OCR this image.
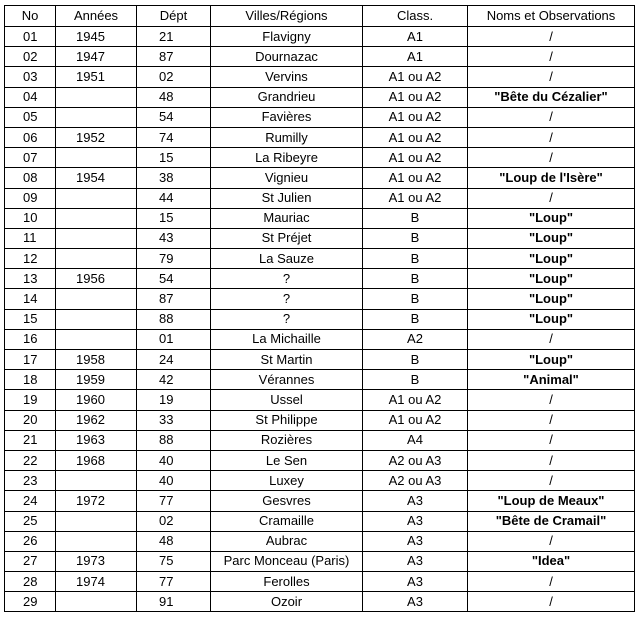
No	Années	Dépt	Villes/Régions	Class.	Noms et Observations
01	1945	21	Flavigny	A1	/
02	1947	87	Dournazac	A1	/
03	1951	02	Vervins	A1 ou A2	/
04		48	Grandrieu	A1 ou A2	"Bête du Cézalier"
05		54	Favières	A1 ou A2	/
06	1952	74	Rumilly	A1 ou A2	/
07		15	La Ribeyre	A1 ou A2	/
08	1954	38	Vignieu	A1 ou A2	"Loup de l'Isère"
09		44	St Julien	A1 ou A2	/
10		15	Mauriac	B	"Loup"
11		43	St Préjet	B	"Loup"
12		79	La Sauze	B	"Loup"
13	1956	54	?	B	"Loup"
14		87	?	B	"Loup"
15		88	?	B	"Loup"
16		01	La Michaille	A2	/
17	1958	24	St Martin	B	"Loup"
18	1959	42	Vérannes	B	"Animal"
19	1960	19	Ussel	A1 ou A2	/
20	1962	33	St Philippe	A1 ou A2	/
21	1963	88	Rozières	A4	/
22	1968	40	Le Sen	A2 ou A3	/
23		40	Luxey	A2 ou A3	/
24	1972	77	Gesvres	A3	"Loup de Meaux"
25		02	Cramaille	A3	"Bête de Cramail"
26		48	Aubrac	A3	/
27	1973	75	Parc Monceau (Paris)	A3	"Idea"
28	1974	77	Ferolles	A3	/
29		91	Ozoir	A3	/
